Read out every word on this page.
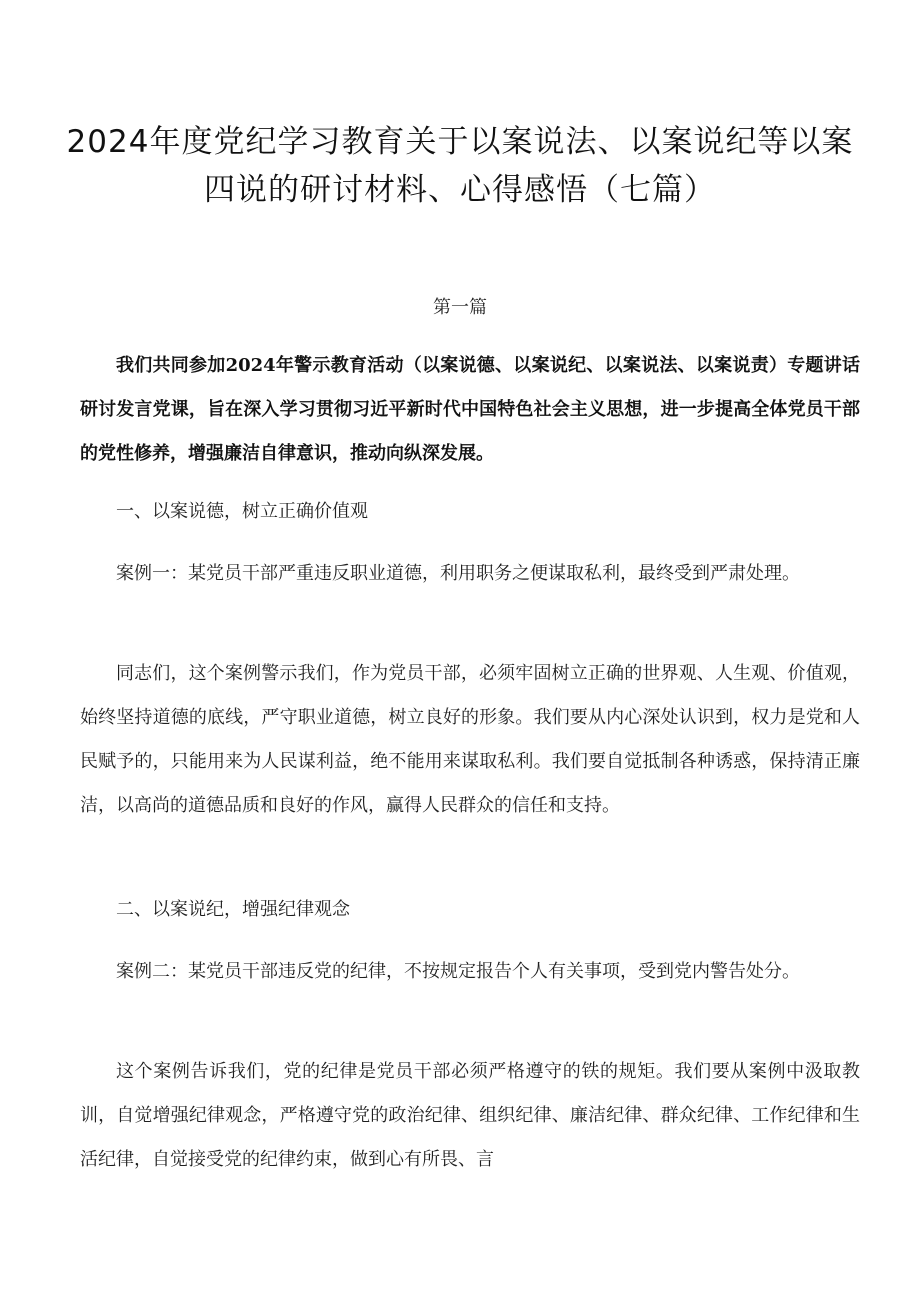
2024年度党纪学习教育关于以案说法、以案说纪等以案四说的研讨材料、心得感悟（七篇）
第一篇

我们共同参加2024年警示教育活动（以案说德、以案说纪、以案说法、以案说责）专题讲话研讨发言党课，旨在深入学习贯彻习近平新时代中国特色社会主义思想，进一步提高全体党员干部的党性修养，增强廉洁自律意识，推动向纵深发展。

一、以案说德，树立正确价值观

案例一：某党员干部严重违反职业道德，利用职务之便谋取私利，最终受到严肃处理。

同志们，这个案例警示我们，作为党员干部，必须牢固树立正确的世界观、人生观、价值观，始终坚持道德的底线，严守职业道德，树立良好的形象。我们要从内心深处认识到，权力是党和人民赋予的，只能用来为人民谋利益，绝不能用来谋取私利。我们要自觉抵制各种诱惑，保持清正廉洁，以高尚的道德品质和良好的作风，赢得人民群众的信任和支持。

二、以案说纪，增强纪律观念

案例二：某党员干部违反党的纪律，不按规定报告个人有关事项，受到党内警告处分。

这个案例告诉我们，党的纪律是党员干部必须严格遵守的铁的规矩。我们要从案例中汲取教训，自觉增强纪律观念，严格遵守党的政治纪律、组织纪律、廉洁纪律、群众纪律、工作纪律和生活纪律，自觉接受党的纪律约束，做到心有所畏、言
